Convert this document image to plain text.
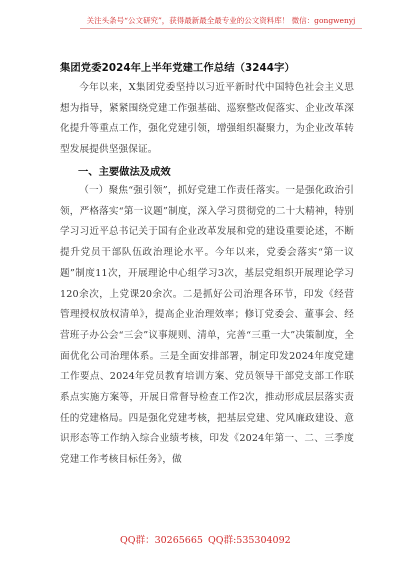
关注头条号“公文研究”，获得最新最全最专业的公文资料库！ 微信：gongwenyj
集团党委2024年上半年党建工作总结（3244字）

今年以来，X集团党委坚持以习近平新时代中国特色社会主义思想为指导，紧紧围绕党建工作强基础、巡察整改促落实、企业改革深化提升等重点工作，强化党建引领，增强组织凝聚力，为企业改革转型发展提供坚强保证。

一、主要做法及成效

（一）聚焦“强引领”，抓好党建工作责任落实。一是强化政治引领，严格落实“第一议题”制度，深入学习贯彻党的二十大精神，特别学习习近平总书记关于国有企业改革发展和党的建设重要论述，不断提升党员干部队伍政治理论水平。今年以来，党委会落实“第一议题”制度11次，开展理论中心组学习3次，基层党组织开展理论学习120余次，上党课20余次。二是抓好公司治理各环节，印发《经营管理授权放权清单》，提高企业治理效率；修订党委会、董事会、经营班子办公会“三会”议事规则、清单，完善“三重一大”决策制度，全面优化公司治理体系。三是全面安排部署，制定印发2024年度党建工作要点、2024年党员教育培训方案、党员领导干部党支部工作联系点实施方案等，开展日常督导检查工作2次，推动形成层层落实责任的党建格局。四是强化党建考核，把基层党建、党风廉政建设、意识形态等工作纳入综合业绩考核，印发《2024年第一、二、三季度党建工作考核目标任务》，做

QQ群：30265665 QQ群:535304092
